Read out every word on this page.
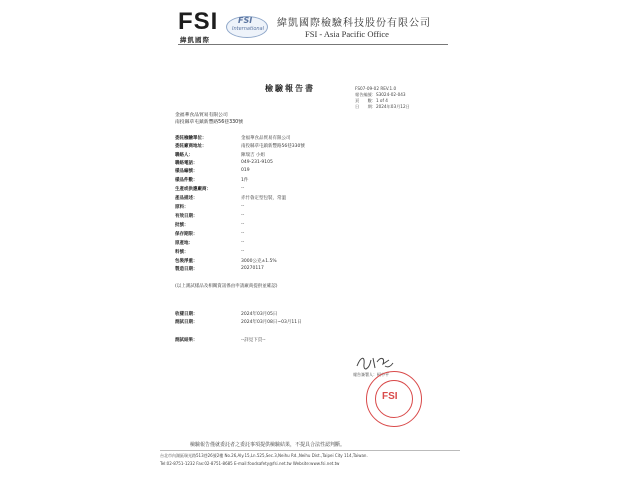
FSI
緯凱國際
FSI
International 緯凱國際檢驗科技股份有限公司
FSI - Asia Pacific Office
檢驗報告書	FS07-09-02 REV.1.0
報告編號：S3024-02-043
頁　　數：1 of 4
日　　期：2024年03月12日
金福華食品貿易有限公司
南投縣草屯鎮新豐路56巷330號
委託檢驗單位：	金福華食品貿易有限公司
委託廠商地址：	南投縣草屯鎮新豐路56巷330號
聯絡人：	陳瑞吉 小姐
聯絡電話：	049-231-9105
樣品編號：	019
樣品件數：	1件
生產或供應廠商：	--
產品描述：	赤竹魯定型包裝，常溫
原料：	--
有效日期：	--
批號：	--
保存期限：	--
原產地：	--
料號：	--
包裝淨重：	3000公克±1.5%
製造日期：	20270117
(以上測試樣品及相關資訊係由申請廠商提供並確認)
收樣日期：	2024年03月05日
測試日期：	2024年03月08日~03月11日
測試結果：	--詳見下頁--
報告簽署人：柯中平
FSI
檢驗報告僅就委託者之委託事項提供檢驗結果，不提具合法性認判斷。
台北市內湖區瑞光路513巷26號2樓 No.26,Aly.15,Ln.525,Sec.3,Neihu Rd.,Neihu Dist.,Taipei City 114,Taiwan.
Tel:02-8751-1232 Fax:02-8751-8685 E-mail:foodsafety@fsi.net.tw Website:www.fsi.net.tw
